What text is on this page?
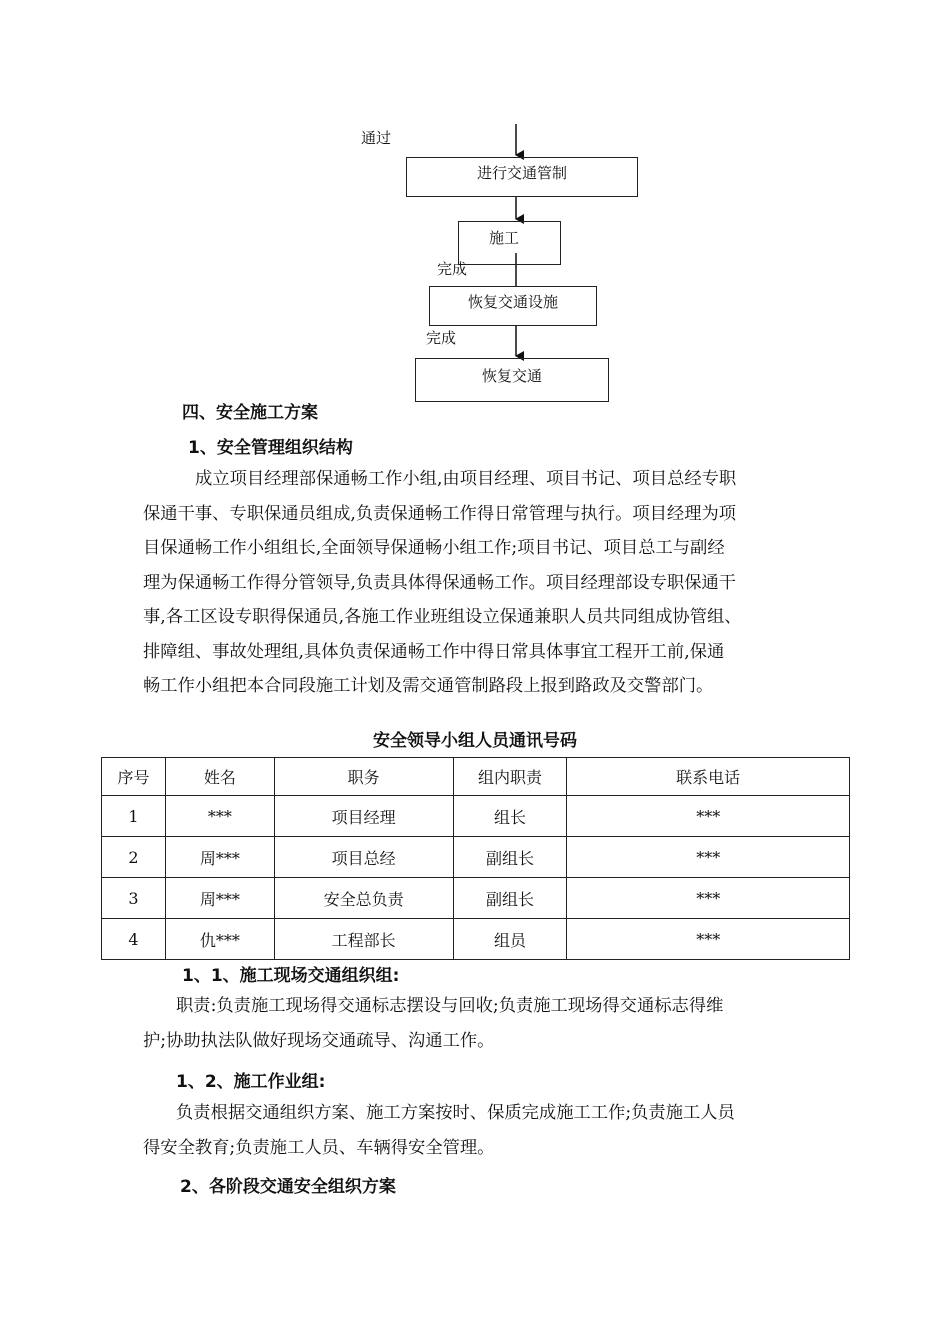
通过
进行交通管制
施工
完成
恢复交通设施
完成
恢复交通
四、安全施工方案
1、安全管理组织结构
成立项目经理部保通畅工作小组,由项目经理、项目书记、项目总经专职
保通干事、专职保通员组成,负责保通畅工作得日常管理与执行。项目经理为项
目保通畅工作小组组长,全面领导保通畅小组工作;项目书记、项目总工与副经
理为保通畅工作得分管领导,负责具体得保通畅工作。项目经理部设专职保通干
事,各工区设专职得保通员,各施工作业班组设立保通兼职人员共同组成协管组、
排障组、事故处理组,具体负责保通畅工作中得日常具体事宜工程开工前,保通
畅工作小组把本合同段施工计划及需交通管制路段上报到路政及交警部门。
安全领导小组人员通讯号码
序号	姓名	职务	组内职责	联系电话
1	***	项目经理	组长	***
2	周***	项目总经	副组长	***
3	周***	安全总负责	副组长	***
4	仇***	工程部长	组员	***
1、1、施工现场交通组织组:
职责:负责施工现场得交通标志摆设与回收;负责施工现场得交通标志得维
护;协助执法队做好现场交通疏导、沟通工作。
1、2、施工作业组:
负责根据交通组织方案、施工方案按时、保质完成施工工作;负责施工人员
得安全教育;负责施工人员、车辆得安全管理。
2、各阶段交通安全组织方案
